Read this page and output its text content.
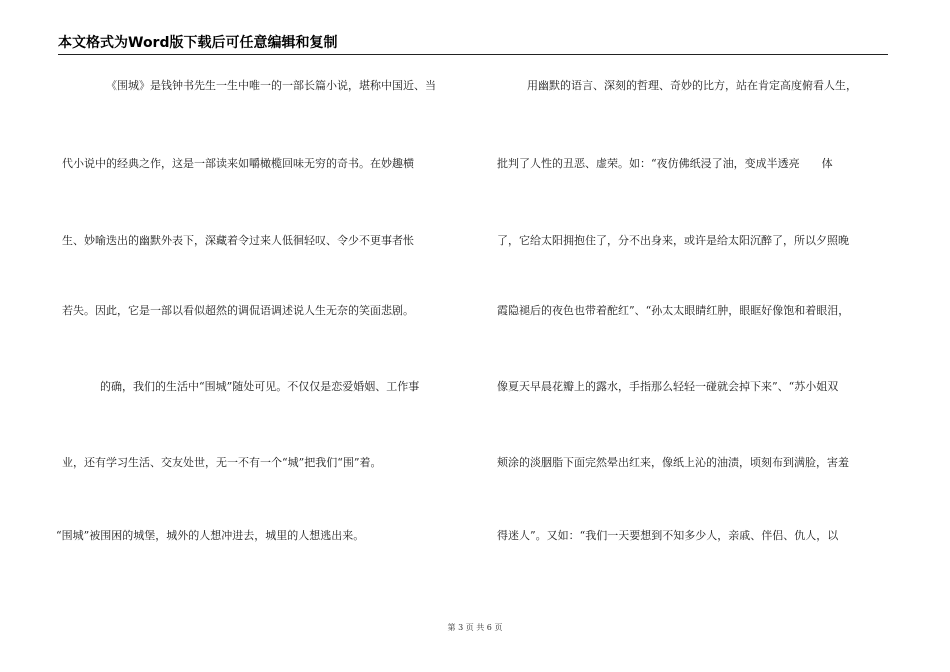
本文格式为Word版下载后可任意编辑和复制
《围城》是钱钟书先生一生中唯一的一部长篇小说，堪称中国近、当
代小说中的经典之作，这是一部读来如嚼橄榄回味无穷的奇书。在妙趣横
生、妙喻迭出的幽默外表下，深藏着令过来人低徊轻叹、令少不更事者怅
若失。因此，它是一部以看似超然的调侃语调述说人生无奈的笑面悲剧。
的确，我们的生活中“围城”随处可见。不仅仅是恋爱婚姻、工作事
业，还有学习生活、交友处世，无一不有一个“城”把我们“围”着。
“围城”被围困的城堡，城外的人想冲进去，城里的人想逃出来。
用幽默的语言、深刻的哲理、奇妙的比方，站在肯定高度俯看人生，
批判了人性的丑恶、虚荣。如：“夜仿佛纸浸了油，变成半透亮　　体
了，它给太阳拥抱住了，分不出身来，或许是给太阳沉醉了，所以夕照晚
霞隐褪后的夜色也带着酡红”、“孙太太眼睛红肿，眼眶好像饱和着眼泪，
像夏天早晨花瓣上的露水，手指那么轻轻一碰就会掉下来”、“苏小姐双
颊涂的淡胭脂下面完然晕出红来，像纸上沁的油渍，顷刻布到满脸，害羞
得迷人”。又如：“我们一天要想到不知多少人，亲戚、伴侣、仇人，以
第 3 页 共 6 页
